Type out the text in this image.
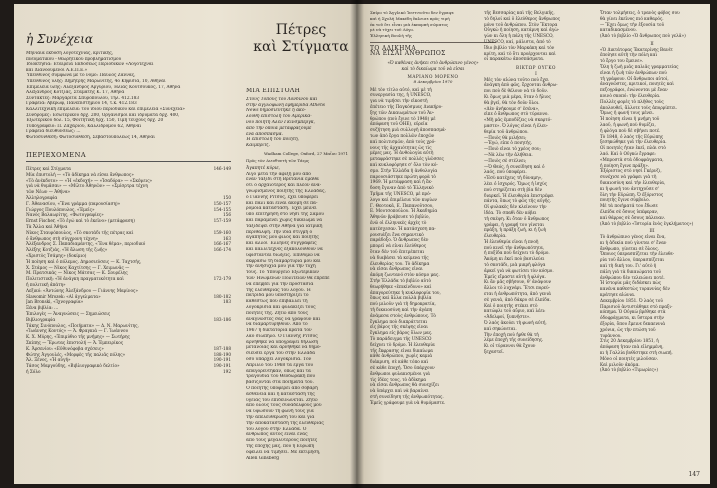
ἡ Συνέχεια
Πέτρες
καὶ Στίγματα
Μηνιαία ἔκδοση λογοτεχνίας, κριτικῆς,
πνευματικοῦ - θεωρητικοῦ προβληματισμοῦ
Ἰδιοκτησία: Ἑταιρεία Ἐκδόσεως Περιοδικῶν «Λογοτέχναι
καὶ Διανοούμενοι Α.Ε.Π.Ε.»
Ὑπεύθυνος σύμφωνα μὲ τὸ νόμο: Παῦλος Ζάννας,
Ὑπεύθυνος ὕλης: Δημήτρης Μαρωνίτης, 4ο Κηφισιά, 10, Ἀθῆναι
Ἐπιμέλεια ὕλης: Ἀλέξανδρος Ἀργυρίου, Ἠλίας Κουτσούκος, 17, Ἀθήνα
Ἀλέξανδρος Κοτζιάς, Σταμάτης Κ. 17, Ἀθήνα
Συντάκτες: Μαργαρίτα Σπυροπούλου, Τηλ. 412.183
Γραφεῖα: Ἀβέρωφ, Πανεπιστημίου 14, τ.κ. 412.183
Καλλιτεχνικὴ ἐπιμέλεια: τοῦ ἴδιου περιοδικοῦ καὶ ἐπιμέλεια «Συνέχεια»
Συνδρομὲς: Ἐσωτερικοῦ δρχ. 200, Ὀργανισμοὶ καὶ ἰδρύματα δρχ. 400,
Ἐξωτερικοῦ δολ. 15, Φοιτητικὴ δρχ. 150, Τιμὴ τεύχους δρχ. 20
Τυπογραφεῖο: Π. Ζαχαρίου, Καλλιδρόμου 62, Ἀθῆναι
Γραφεῖα διευθύνσεως: ...
Φωτοσύνθεση: Φωτοσύνθεση, Σεβαστουπόλεως 14, Ἀθῆναι
ΠΕΡΙΕΧΟΜΕΝΑ
Πέτρες καὶ Στίγματα	146-149
Μία ἐπιστολή — «Τὸ ἀδίκημα νὰ εἶσαι ἄνθρωπος»
«Τὸ ἀνέκδοτο» — «Ἡ «ἐκδοχή» — «Ἰσαδόρα» — «Σκέψεις»
γιὰ νὰ θυμᾶσαι» — «Μίλτο Ἀθηνῶν» — «Σμίσρτρα τέχνη
τῶν Νέων — Ἀθήνα»
Ἀλληλογραφία	150
Γ. Ἀθανασίου, «Ἕνα γράμμα (παρουσίαση)»	150-157
Γιώργος Πουλόπουλος, «Ἐμεῖς»	154-155
Νανὸς Βαλαωρίτης, «Φωτογραφίες»	156
Εrnst Fischer, «Τὸ ἐγώ καὶ τὸ ἐκεῖνο» (μετάφραση)	157-159
Τὰ Ἄλλα καὶ Ἀθήνα
Νίκος Σταυρόπουλος, «Τὸ σκοτάδι τῆς πέτρας καὶ	159-160
ὁ ἄνθρωπος στὴ σύγχρονη τέχνη»	163
Ἀλέξανδρος Σ. Παπαδιαμάντης, «Ἕνα θέμα», περιοδικό	166-167
Ἀλέξης Κοτζιάς, «Ἡ ἅλωση τῆς ζωῆς»	166-174
«Χριστὸς Τσάμης» (δοκίμιο)
Ἡ ποίηση καὶ ὁ πόλεμος. Δημοσιεύσεις — Κ. Ταχτσής,
Χ. Στάμος — Νίκος Καχτίτσης — Γ. Χειμωνᾶς —
Μ. Πρατσικάς — Νίκος Μάτσας — Κ. Σουρέλης
Πολιτιστικὴ: «Ἡ ἀνάγκη πραγματικότητα καὶ	172-179
ἡ πολιτικὴ ἀπάτη»
Λεξικό: «Ἀντώνης Ἀλεξάνδρου — Γιάννης Μαρίνος»
Slawomir Mrozek: «Αἱ ἀγγελματα»	180-182
Jan Bronski, «Ἰχνογραφία»	183
Ξένα βιβλία: ...
Ἐπιλογὲς — Ἀναγνώσεις — Σημειώσεις
Βιβλιογραφία	183-186
Τάκης Σινόπουλος, «Ποιήματα» — Δ. Ν. Μαρωνίτης,
«Ἰωάννης Κοντός» — Ἀ. Φραγκιά — Γ. Ἰωάννου
Κ. Χ. Μύρης, «Ἐπιμύθιο τῆς μνήμης» — Σωτήρης
Σκίπης — Ἔρωτας ἐπιστολή — Ἀ. Ἐμπειρίκος
Κ. Ἀρσενίου: «Εὐθυνόφοβα σχέσεις»	187-188
Φώτης Ἀγγουλές, «Μορφὲς τῆς παλιᾶς πόλης»	188-190
Ἀλ. Ξένος, «Ἡ αὐγή»	190-191
Τάσος Μαργούδης, «Βιβλιογραφικὸ δελτίο»	190-191
ἡ Σόλο	192
ΜΙΑ ΕΠΙΣΤΟΛΗ
Στοὺς Τόπους τοῦ Λονδίνου καὶ
στὴν ἀγγλόφωνη ἐφημερίδα Athens
News δημοσιεύτηκε ἡ ἀκό-
λουθη ἐπιστολή τοῦ Ἀμερικα-
νοῦ ποιητῆ Ἄλεν Γκίνσμπεργκ,
ἀπὸ τὴν ὁποία μεταφράζουμε
ἕνα ἀπόσπασμα.
Ἡ ἐπιστολή τοῦ ποιητῆ,
Καὶμπριτζ.
Wadham College, Oxford, 27 Μαΐου 1971
Πρὸς τὸν Διευθυντὴ τῶν Τάιμς
Ἀγαπητέ κύριε,
Λίγο μετὰ τὴν ἄφιξή μου ἀπὸ
ἕναν ταξίδι στὴ Βρετανία ἔμαθα
ὅτι ὁ ἀρχαιότερος καὶ πλέον ἀνα-
γνωρισμένος ποιητής τῆς Ἑλλάδας,
ὁ Γιάννης Ρίτσος, ἔχει ὑποφέρει
καὶ πάλι καὶ εἶναι ἀκόμη σὲ πα-
ρόμοια κατάσταση. Ἔχει μείνει
ὑπὸ ἐπιτήρηση στὸ νησὶ τῆς Σάμου
καὶ παραμένει χωρὶς δικαίωμα νὰ
ταξιδέψει στὴν Ἀθήνα γιὰ ἰατρική
περίθαλψη. Τὴν ἴδια στιγμὴ ὁ
ἀγαπητός μου φίλος καὶ ποιητὴς
καὶ ἄλλοι Ἕλληνες συγγραφεῖς
καὶ καλλιτέχνες ἐξακολουθοῦν νὰ
ὑφίστανται διώξεις. Ἐπιθυμῶ νὰ
ἐκφράσω τὴ διαμαρτυρία μου καὶ
τὴν ἀνησυχία μου γιὰ τὴν τύχη
τους. Τὸ Ὑπουργεῖο Ἐξωτερικῶν
τῶν Ἡνωμένων Πολιτειῶν θὰ ἔπρεπε
νὰ ἐπέμβει γιὰ τὴν προστασία
τῆς ἐλευθερίας τοῦ λόγου. Ἡ
πατρίδα μου ὑποστηρίζει τὸ
καθεστὼς ποὺ ἐπιβάλλει τὴ
λογοκρισία καὶ φυλακίζει τοὺς
ποιητές της. Ζητῶ ἀπὸ τοὺς
ἀναγνῶστες σας νὰ γράψουν καὶ
νὰ διαμαρτυρηθοῦν. Ἀπὸ τὸ
1967 ἡ δικτατορία κρατᾶ τὸν
λαὸ σιωπηλό. Ὁ Γιάννης Ρίτσος
ἀρνήθηκε νὰ ὑπογράψει δήλωση
μετάνοιας καὶ ἀρνήθηκε νὰ δημο-
σιεύσει ἔργα του στὴν Ἑλλάδα
ὅσο ὑπάρχει λογοκρισία. Τὸν
Ἀπρίλιο τοῦ 1968 τὰ ἔργα του
ἀπαγορεύτηκαν, ὅπως καὶ τὰ
τραγούδια τοῦ Θεοδωράκη ποὺ
βασίζονται στὰ ποιήματά του.
Ὁ ποιητὴς ὑποφέρει ἀπὸ σοβαρὴ
ἀσθένεια καὶ ἡ κατάσταση τῆς
ὑγείας του ἐπιδεινώνεται. Ζητῶ
ἀπὸ ὅλους τοὺς συναδέλφους μου
νὰ ὑψώσουν τὴ φωνή τους γιὰ
τὴν ἀπελευθέρωσή του καὶ γιὰ
τὴν ἀποκατάσταση τῆς ἐλευθερίας
τοῦ λόγου στὴν Ἑλλάδα. Ὁ
ἄνθρωπος αὐτὸς εἶναι ἕνας
ἀπὸ τοὺς μεγαλύτερους ποιητὲς
τῆς ἐποχῆς μας, ποὺ ἡ Εὐρώπη
ὀφείλει νὰ τιμήσει. Μὲ ἐκτίμηση,
Allen Ginsberg
Σπίρο τὸ Ἀγγλικὸ Ἰνστιτοῦτο δεν ἔγραψε
καὶ ἡ Σχολὴ Μακέδη ἔκλεισε πρὸς τιμὴ
ἐκ τοῦ ὅτι εἶναι μιὰ ἐκπομπὴ σώματος
μὲ νὰ τύχει τοῦ Λόγο.
Ἑλληνικὴ Βουλή τῆς
ΤΟ ΑΔΙΚΗΜΑ
ΝΑ ΕΙΣΑΙ ΑΝΘΡΩΠΟΣ
«Ὁ καθένας ἀνήκει στὸ ἀνθρώπινο γένος»
καὶ τὸ δικαίωμα τοῦ νὰ εἶσαι
ΜΑΡΙΑΝΟ ΜΟΡΕΝΟ
8 Δεκεμβρίου 1970
Μὲ τὸν τίτλο αὐτό, καὶ μὲ τὴ
συνεργασία της, ἡ UNESCO,
για νὰ τιμήσει τὴν εἰκοστὴ
ἐπέτειο τῆς Παγκόσμιας Διακήρυ-
ξης τῶν Δικαιωμάτων τοῦ Ἀν-
θρώπου (ποὺ ἔγινε τὸ 1948) μὲ
ἀπόφαση τοῦ ΟΗΕ), εὐρεῖα
συζήτηση μιὰ συλλογὴ ἀποσπασμά-
των ἀπὸ ἔργα πολλῶν ἐποχῶν
καὶ πολιτισμῶν, ἀπὸ τοὺς χρό-
νους τῆς ἀρχαιότητας ὡς τὶς
μέρες μας. Ἡ ἀνθολογία αὐτὴ
μεταφράστηκε σὲ πολλὲς γλῶσσες
καὶ κυκλοφόρησε σ' ὅλο τὸν κό-
σμο. Στὴν Ἑλλάδα ἡ ἀνθολογία
παρουσιάστηκε πρώτη φορὰ τὸ
1969. Ἡ μετάφραση καὶ ἡ ἔκ-
δοση ἔγιναν ἀπὸ τὸ Ἑλληνικὸ
Τμῆμα τῆς UNESCO, μὲ πρό-
λογο καὶ ἐπιμέλεια τῶν κυρίων
Γ. Θεοτοκᾶ, Ε. Παπανοῦτσου,
Ε. Μουτσοπούλου. Ἡ Ἀκαδημία
Ἀθηνῶν βράβευσε τὸ βιβλίο,
ἐνῶ οἱ ἑλληνικὲς ἀρχὲς τὸ
κατέσχεσαν. Ἡ κατάσχεση πα-
ρουσιάζει ἕνα σημαντικὸ
παράδοξο. Ὁ ἄνθρωπος δὲν
μπορεῖ νὰ εἶναι ἐλεύθερος
ὅταν δὲν τοῦ ἐπιτρέπεται
νὰ διαβάσει τὰ κείμενα τῆς
ἐλευθερίας του. Τὸ ἀδίκημα
νὰ εἶσαι ἄνθρωπος εἶναι
ἀκόμη ζωντανό στὸν κόσμο μας.
Στὴν Ἑλλάδα τὸ βιβλίο αὐτὸ
θεωρήθηκε «ἐπικίνδυνο» καὶ
ἀπαγορεύτηκε ἡ κυκλοφορία του,
ὅπως καὶ ἄλλα πολλὰ βιβλία
ποὺ μιλοῦν γιὰ τὴ δημοκρατία,
τὴ δικαιοσύνη καὶ τὴν ἀγάπη
ἀνάμεσα στοὺς ἀνθρώπους. Τὸ
ἔγκλημα ποὺ διαπράττεται
εἰς βάρος τῆς σκέψης εἶναι
ἔγκλημα εἰς βάρος ὅλων μας.
Τὸ παράδειγμα τῆς UNESCO
δείχνει τὸ δρόμο. Ἡ ἐλευθερία
τῆς ἔκφρασης εἶναι δικαίωμα
κάθε ἀνθρώπου, χωρὶς καμιὰ
διάκριση, σὲ κάθε τόπο καὶ
σὲ κάθε ἐποχή. Ὅσο ὑπάρχουν
ἄνθρωποι φυλακισμένοι γιὰ
τὶς ἰδέες τους, τὸ ἀδίκημα
νὰ εἶσαι ἄνθρωπος θὰ συνεχίζει
νὰ ὑπάρχει καὶ νὰ βαραίνει
στὴ συνείδηση τῆς ἀνθρωπότητας.
Ἐμεῖς γράφουμε γιὰ νὰ θυμόμαστε.
τῆς Βεσσαρίας καὶ τῆς Βελγικῆς,
τὸ δηλοί καὶ ὁ ἐλεύθερος ἄνθρωπος
μόνο τοῦ ἀνθρώπου. Στὸν Ἕκτορα
Οὐγκὼ ἡ ποίηση, κατάρνη καὶ ἀγὼ-
γὼν κι ὅλη ἡ πάλη τῆς UNESCO,
UNESCO, καί, μάλιστα, ἀπό τὸ
ἴδιο βιβλίο τὸν Μαρκάκη καὶ τὸν
κρίτη, καὶ τὸ ὅτι προέρχονται καὶ
οἱ παρακάτω ἀποσπάσματα.
ΒΙΚΤΩΡ ΟΥΓΚΟ
Ι
Μὲς τὸν αἰώνα τοῦτο ποὺ ἔχει
ἀνάγκη ἀπὸ φῶς, ἔρχονται ἄνθρω-
ποι ποὺ δὲ θέλουν νὰ τὸ δοῦν.
Κι ὅμως μιὰ μέρα, ὅταν ὁ ἥλιος
θὰ βγεῖ, θὰ τὸν δοῦν ὅλοι.
«Δὲν ἀνήκουμε σ' ἐσένα»,
εἶπε ὁ ἄνθρωπος στὸ τύραννο.
«Μὴ μᾶς ἐμποδίζεις νὰ σκεφτό-
μαστε». Ὁ λόγος εἶναι ἡ ἐλευ-
θερία τοῦ ἀνθρώπου.
—Ποιὸς θὰ μιλήσει;
—Ἐγώ, εἶπε ὁ ποιητής.
—Ποιὸ εἶναι τὸ χρέος σου;
—Νὰ λέω τὴν ἀλήθεια.
—Ποιὸς σὲ στέλνει;
—Ὁ Θεός, ἡ συνείδηση καὶ ὁ
λαός, ποὺ ὑποφέρει.
«Ἐσὺ κατέχεις τὴ δύναμη»,
λέει ὁ ἰσχυρός. Ὅμως ἡ ἰσχὺς
ποὺ στηρίζεται στὴ βία δὲν
διαρκεῖ. Ἡ ἐλευθερία ἐπιστρέφει
πάντα, ὅπως τὸ φῶς τῆς αὐγῆς.
Οἱ φυλακὲς δὲν κλείνουν τὴν
ἰδέα. Τὸ σπαθὶ δὲν κόβει
τὴ σκέψη. Κι ὅταν ὁ ἄνθρωπος
γράφει, ἡ γραφή του γίνεται
πράξη, ἡ πράξη ζωή, κι ἡ ζωὴ
ἐλευθερία.
Ἡ ἐλευθερία εἶναι ἡ πνοὴ
ποὺ κινεῖ τὴν ἀνθρωπότητα,
ἡ πυξίδα ποὺ δείχνει τὸ δρόμο.
Ἀκόμη κι ἐκεῖ ποὺ βασιλεύει
τὸ σκοτάδι, μιὰ μικρὴ φλόγα
ἀρκεῖ γιὰ νὰ φωτίσει τὸν κόσμο.
Ἐμεῖς εἴμαστε αὐτὴ ἡ φλόγα.
Κι ἂν μᾶς σβήσουν, θ' ἀνάψουν
ἄλλοι τὸ λυχνάρι. Ἔτσι πορεύ-
εται ἡ ἀνθρωπότητα, ἀπὸ γενιὰ
σὲ γενιά, ἀπὸ δάκρυ σὲ ἐλπίδα.
Καὶ ὁ ποιητὴς στέκει στὸ
κατώφλι τοῦ αὔριο, καὶ λέει:
«Ἀδελφοί, ξυπνῆστε».
Ὁ λαὸς ἀκούει τὴ φωνὴ αὐτή,
καὶ σηκώνεται.
Τὴν ἐποχὴ ποὺ ἦρθε θὰ τὴ
λέμε ἐποχὴ τῆς συνείδησης.
Κι οἱ τύραννοι θὰ ἔχουν
ξεχαστεῖ.
Ὅταν τολμήσεις, ὁ τρανὸς φόβος σου
θὰ γίνει ἐκεῖνος πιό καθαρός.
— Ἔχει ὅμως τὴν ἐξουσία τοῦ
καταδικασμένου.
(Ἀπὸ τὸ βιβλίο «Ὁ ἄνθρωπος ποὺ γελᾶ»)
II
«Ὁ Δικτάτορας Ἐκατερίνης Βανέτ
ἐποίησε αὐτὴ τὴν πόλη καὶ
τὸ ἔργο του ἔμεινε».
Ὅλη ἡ ζωὴ μιᾶς παλιᾶς γραμματείας
εἶναι ἡ ζωὴ τῶν ἀνθρώπων ποὺ
τὴ γράφουν. Οἱ ἄνθρωποι αὐτοί,
ἀναγνῶστες, κριτικοί, ποιητὲς καὶ
πεζογράφοι, ἑνώνονται μὲ ἕναν
κοινὸ σκοπό: τὴν ἐλευθερία.
Πολλὲς φορὲς τὸ πλῆθος τοὺς
ἀκολουθεῖ, ἄλλοτε τοὺς ἀπορρίπτει.
Ὅμως ἡ φωνή τους μένει.
Ἡ ποίηση εἶναι ἡ μνήμη τοῦ
λαοῦ, ἡ φωνὴ ποὺ θυμίζει,
ἡ φλόγα ποὺ δὲ σβήνει ποτέ.
Τὸ 1848, ὁ λαὸς τῆς Εὐρώπης
ξεσηκώθηκε γιὰ τὴν ἐλευθερία.
Οἱ ποιητὲς ἦταν ἐκεῖ, πλάι στὸ
λαό. Καὶ ὁ Οὐγκὼ ἔγραφε:
«Μπροστὰ στὰ ὁδοφράγματα,
ἡ ποίηση ἔγινε πράξη».
Ἐξόριστος στὸ νησὶ Γκέρνζι,
συνέχισε νὰ γράφει γιὰ τὴ
δικαιοσύνη καὶ τὴν ἐλευθερία,
κι ἡ φωνή του ἀντηχοῦσε σ'
ὅλη τὴν Εὐρώπη. Ὁ ἐξόριστος
ποιητὴς ἔγινε σύμβολο.
Μὲ τὰ ποιήματά του ἔδωσε
ἐλπίδα σὲ ὅσους ὑπέφεραν,
καὶ θάρρος σὲ ὅσους πάλευαν.
(Ἀπὸ τὸ βιβλίο «Ἰστορία ἑνὸς ἐγκλήματος»)
III
Τὸ ἀνθρώπινο γένος εἶναι ἕνα,
κι ἡ ἀδικία ποὺ γίνεται σ' ἕναν
ἄνθρωπο, γίνεται σὲ ὅλους.
Ὅποιος ὑπερασπίζεται τὴν ἐλευθε-
ρία τοῦ ἄλλου, ὑπερασπίζεται
καὶ τὴ δική του. Γι' αὐτὸ ἡ
πάλη γιὰ τὰ δικαιώματα τοῦ
ἀνθρώπου δὲν τελειώνει ποτέ.
Ἡ ἱστορία μᾶς διδάσκει πὼς
κανένα καθεστὼς τυραννίας δὲν
κράτησε αἰώνια.
Δεκεμβρίου 1851. Ὁ λαὸς τοῦ
Παρισιοῦ ἀντιστάθηκε στὸ πραξι-
κόπημα. Ὁ Οὐγκὼ βρέθηκε στὰ
ὁδοφράγματα, κι ὕστερα στὴν
ἐξορία, ὅπου ἔμεινε δεκαεννιὰ
χρόνια, ὡς τὴν πτώση τοῦ
τυράννου.
Στὶς 20 Δεκεμβρίου 1851, ἡ
ἀπόφαση ἦταν πιὰ εἰλημμένη,
κι ἡ Γαλλία βυθίστηκε στὴ σιωπή.
Μόνο οἱ ποιητὲς μιλοῦσαν.
Καὶ μιλοῦν ἀκόμα.
(Ἀπὸ τὸ βιβλίο «Τιμωρίες»)
147
